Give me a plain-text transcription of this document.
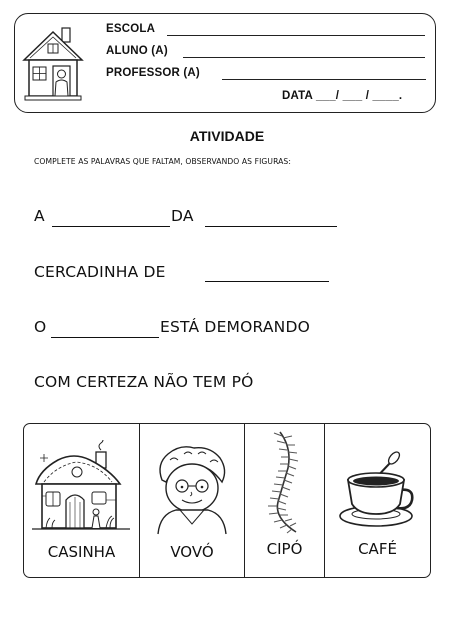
ESCOLA
ALUNO (A)
PROFESSOR (A)
DATA ___/ ___ / ____.
ATIVIDADE
COMPLETE AS PALAVRAS QUE FALTAM, OBSERVANDO AS FIGURAS:
A	DA
CERCADINHA DE
O	ESTÁ DEMORANDO
COM CERTEZA NÃO TEM PÓ
CASINHA	VOVÓ	CIPÓ	CAFÉ
